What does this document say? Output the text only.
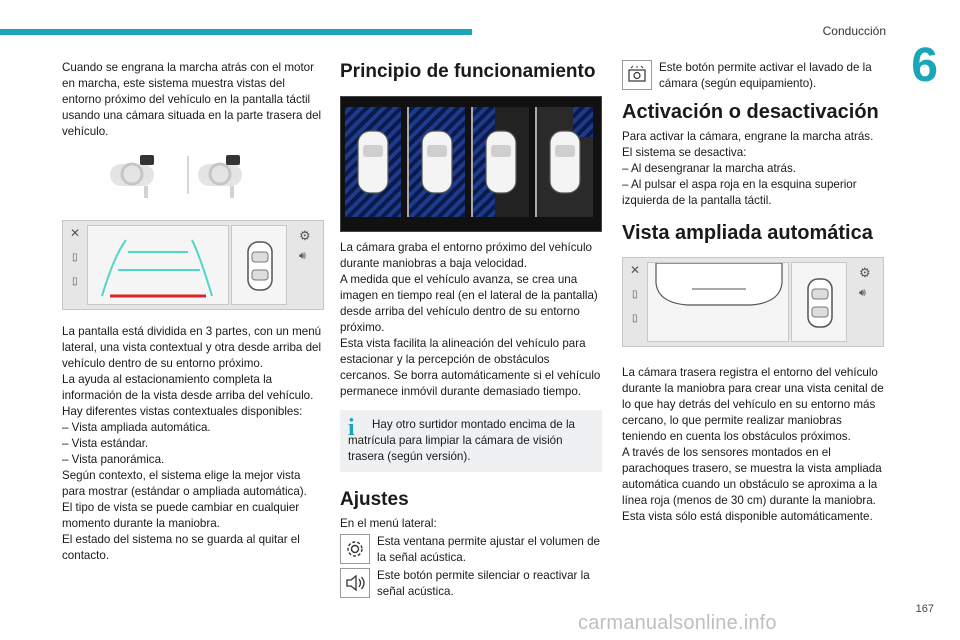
Conducción
6

Cuando se engrana la marcha atrás con el motor en marcha, este sistema muestra vistas del entorno próximo del vehículo en la pantalla táctil usando una cámara situada en la parte trasera del vehículo.

✕
▯
▯
⚙
🔊︎

La pantalla está dividida en 3 partes, con un menú lateral, una vista contextual y otra desde arriba del vehículo dentro de su entorno próximo.

La ayuda al estacionamiento completa la información de la vista desde arriba del vehículo.

Hay diferentes vistas contextuales disponibles:

– Vista ampliada automática.

– Vista estándar.

– Vista panorámica.

Según contexto, el sistema elige la mejor vista para mostrar (estándar o ampliada automática).

El tipo de vista se puede cambiar en cualquier momento durante la maniobra.

El estado del sistema no se guarda al quitar el contacto.

Principio de funcionamiento

La cámara graba el entorno próximo del vehículo durante maniobras a baja velocidad.

A medida que el vehículo avanza, se crea una imagen en tiempo real (en el lateral de la pantalla) desde arriba del vehículo dentro de su entorno próximo.

Esta vista facilita la alineación del vehículo para estacionar y la percepción de obstáculos cercanos. Se borra automáticamente si el vehículo permanece inmóvil durante demasiado tiempo.

i	Hay otro surtidor montado encima de la matrícula para limpiar la cámara de visión trasera (según versión).

Ajustes

En el menú lateral:

Esta ventana permite ajustar el volumen de la señal acústica.

Este botón permite silenciar o reactivar la señal acústica.

Este botón permite activar el lavado de la cámara (según equipamiento).

Activación o desactivación

Para activar la cámara, engrane la marcha atrás.

El sistema se desactiva:

– Al desengranar la marcha atrás.

– Al pulsar el aspa roja en la esquina superior izquierda de la pantalla táctil.

Vista ampliada automática
✕
▯
▯
⚙
🔊︎

La cámara trasera registra el entorno del vehículo durante la maniobra para crear una vista cenital de lo que hay detrás del vehículo en su entorno más cercano, lo que permite realizar maniobras teniendo en cuenta los obstáculos próximos.

A través de los sensores montados en el parachoques trasero, se muestra la vista ampliada automática cuando un obstáculo se aproxima a la línea roja (menos de 30 cm) durante la maniobra.

Esta vista sólo está disponible automáticamente.

167
carmanualsonline.info
